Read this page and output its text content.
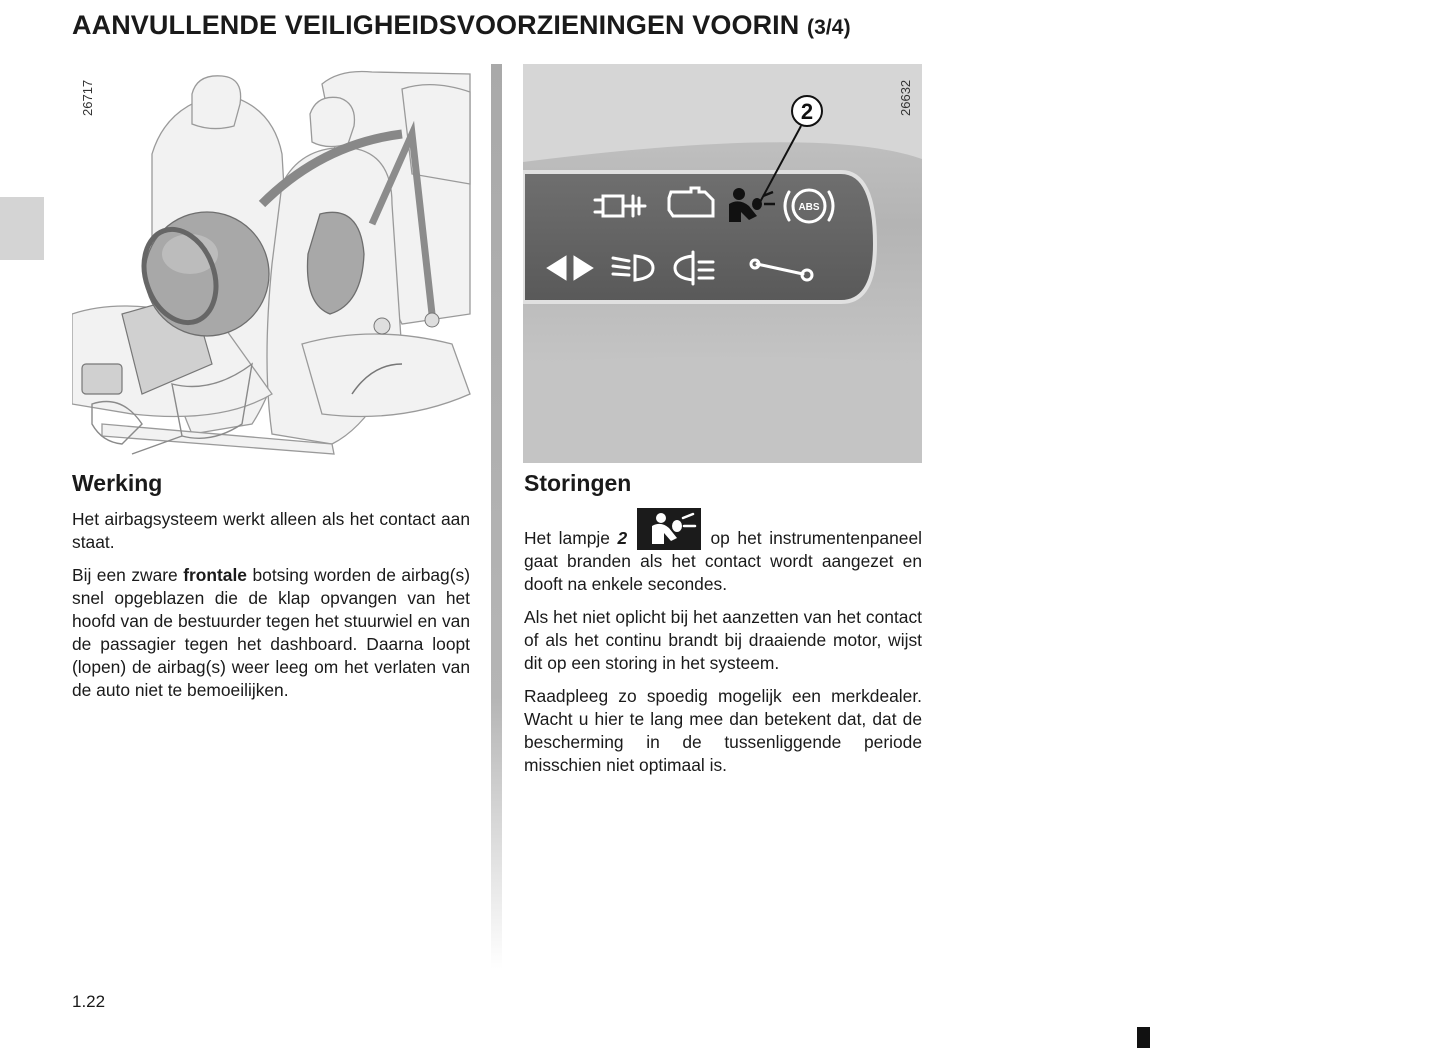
AANVULLENDE VEILIGHEIDSVOORZIENINGEN VOORIN (3/4)
26717
ABS
2	26632
Werking

Het airbagsysteem werkt alleen als het contact aan staat.

Bij een zware frontale botsing worden de airbag(s) snel opgeblazen die de klap opvangen van het hoofd van de bestuurder tegen het stuurwiel en van de passagier tegen het dashboard. Daarna loopt (lopen) de airbag(s) weer leeg om het verlaten van de auto niet te bemoeilijken.

Storingen

Het lampje 2	op het instrumentenpaneel gaat branden als het contact wordt aangezet en dooft na enkele secondes.

Als het niet oplicht bij het aanzetten van het contact of als het continu brandt bij draaiende motor, wijst dit op een storing in het systeem.

Raadpleeg zo spoedig mogelijk een merkdealer. Wacht u hier te lang mee dan betekent dat, dat de bescherming in de tussenliggende periode misschien niet optimaal is.

1.22
